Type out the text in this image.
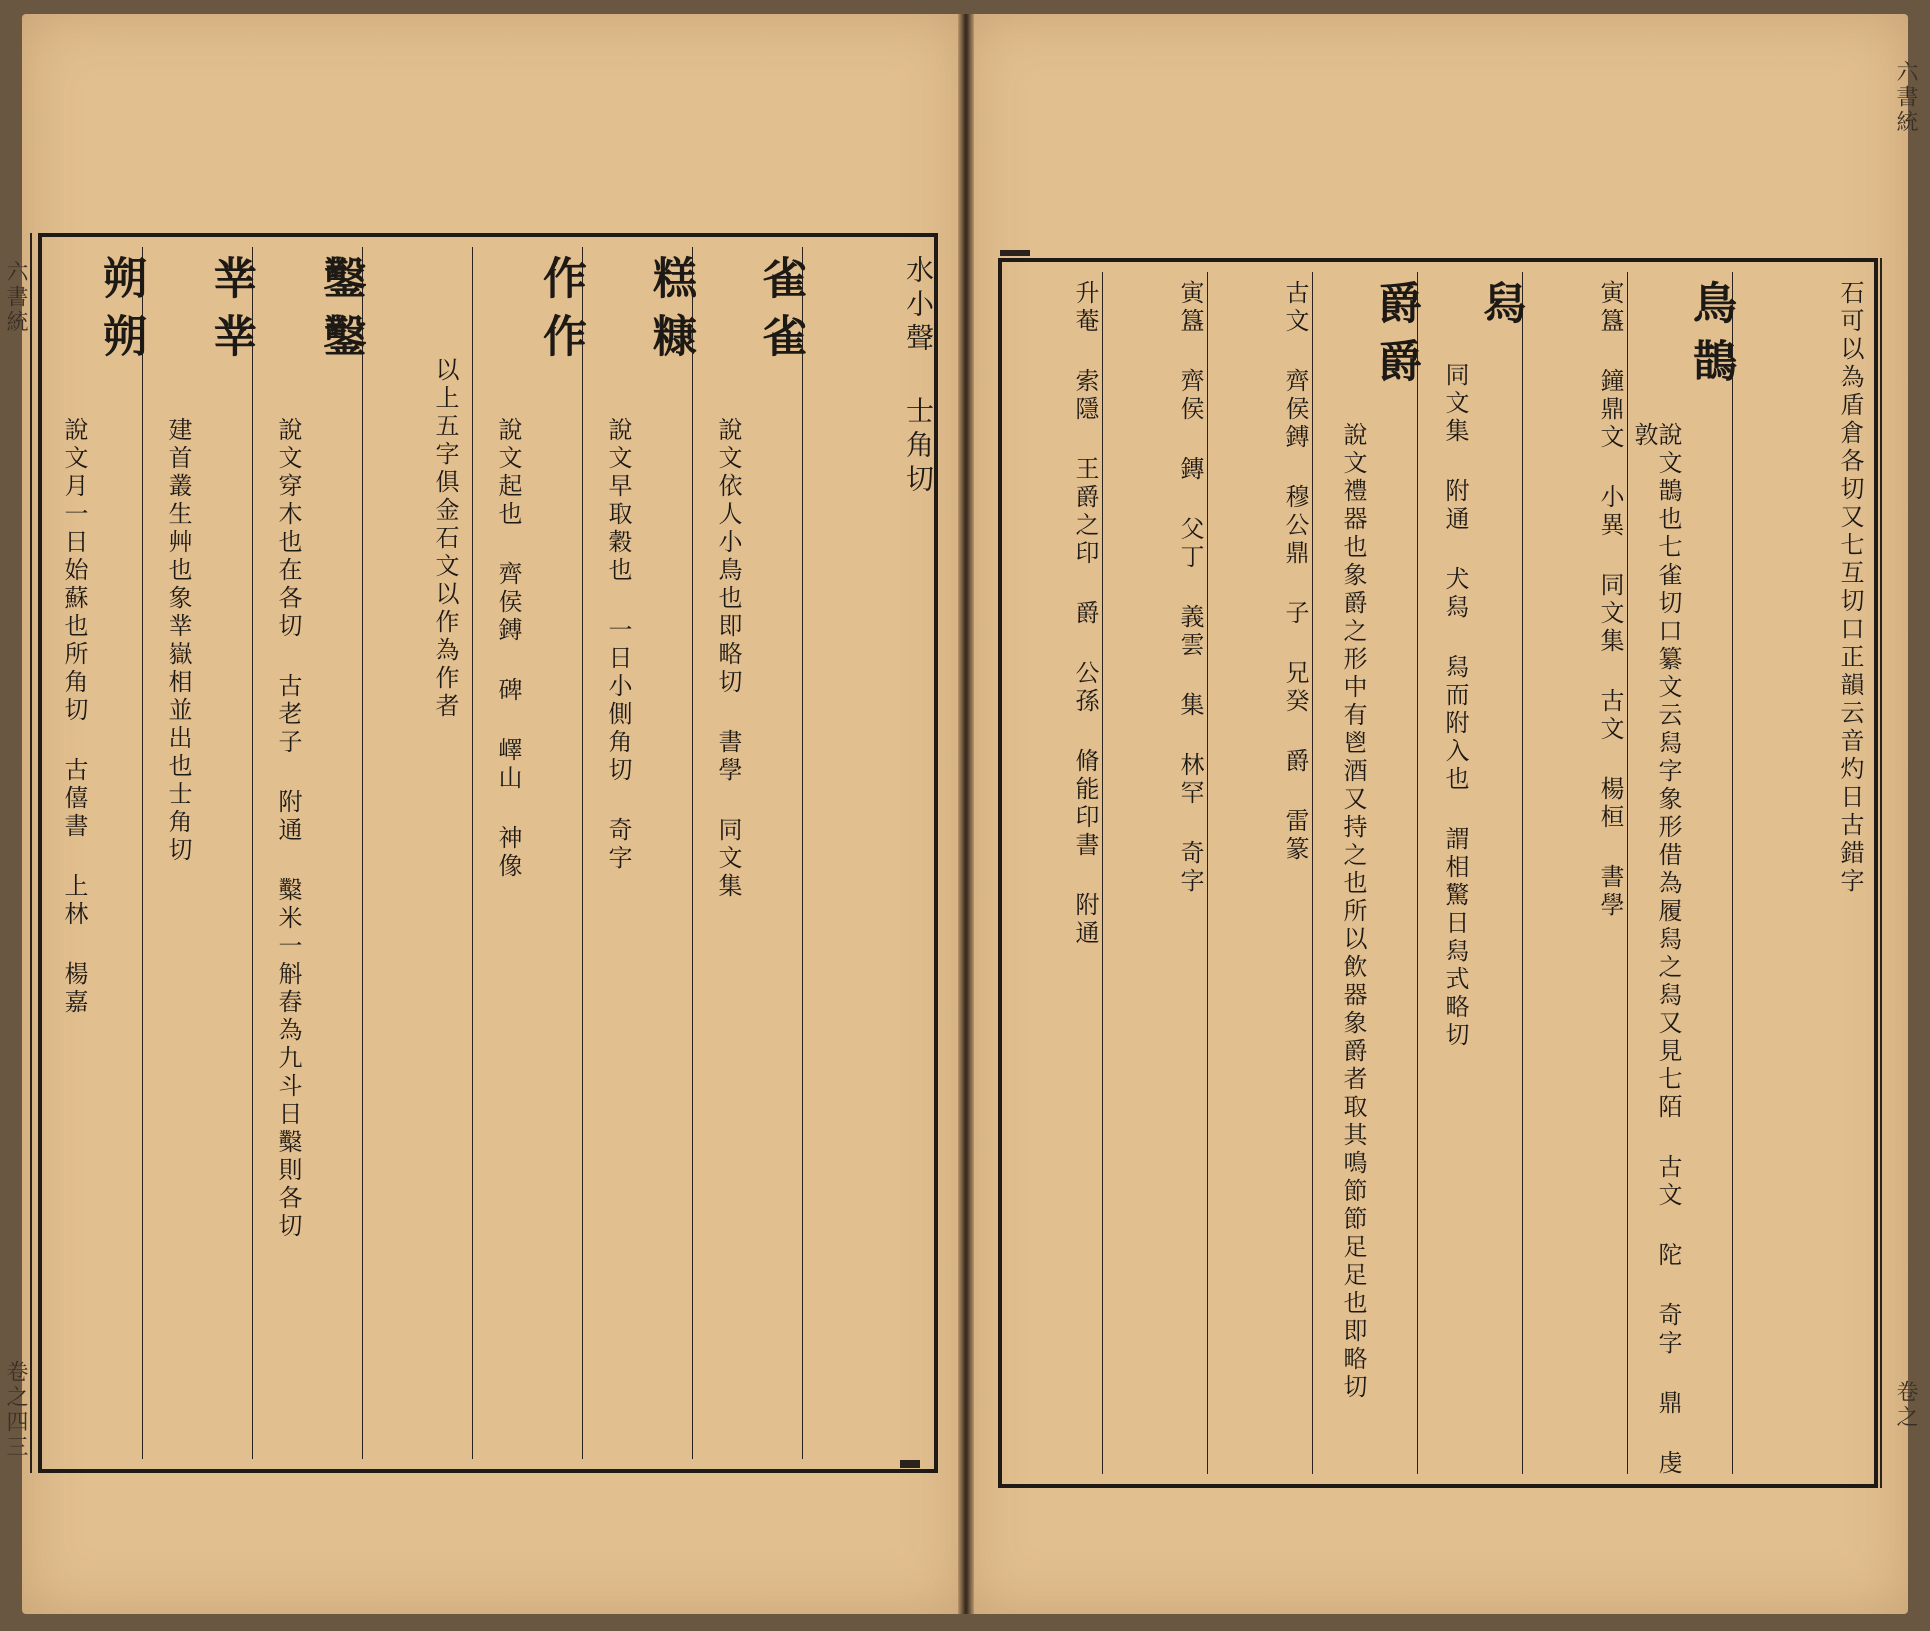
水小聲 士角切
雀雀
說文依人小鳥也即略切 書學 同文集
糕糠
說文早取穀也 一日小側角切 奇字
作作
說文起也 齊侯鎛 碑 嶧山 神像
以上五字俱金石文以作為作者
鑿鑿
說文穿木也在各切 古老子 附通 糳米一斛舂為九斗日糳則各切
丵丵
建首叢生艸也象丵嶽相並出也士角切
朔朔
說文月一日始蘇也所角切 古僖書 上林 楊嘉
六書統
卷之四三
石可以為盾倉各切又七互切口正韻云音灼日古錯字
鳥鵲
說文鵲也七雀切口纂文云舄字象形借為履舄之舄又見七陌 古文 陀 奇字 鼎 虔 敦
寅簋 鐘鼎文 小異 同文集 古文 楊桓 書學
舄
同文集 附通 犬舄 舄而附入也 謂相驚日舄式略切
爵爵
說文禮器也象爵之形中有鬯酒又持之也所以飲器象爵者取其鳴節節足足也即略切
古文 齊侯鎛 穆公鼎 子 兄癸 爵 雷篆
寅簋 齊侯 鏄 父丁 義雲 集 林罕 奇字
升菴 索隱 王爵之印 爵 公孫 脩能印書 附通
六書統
卷之
